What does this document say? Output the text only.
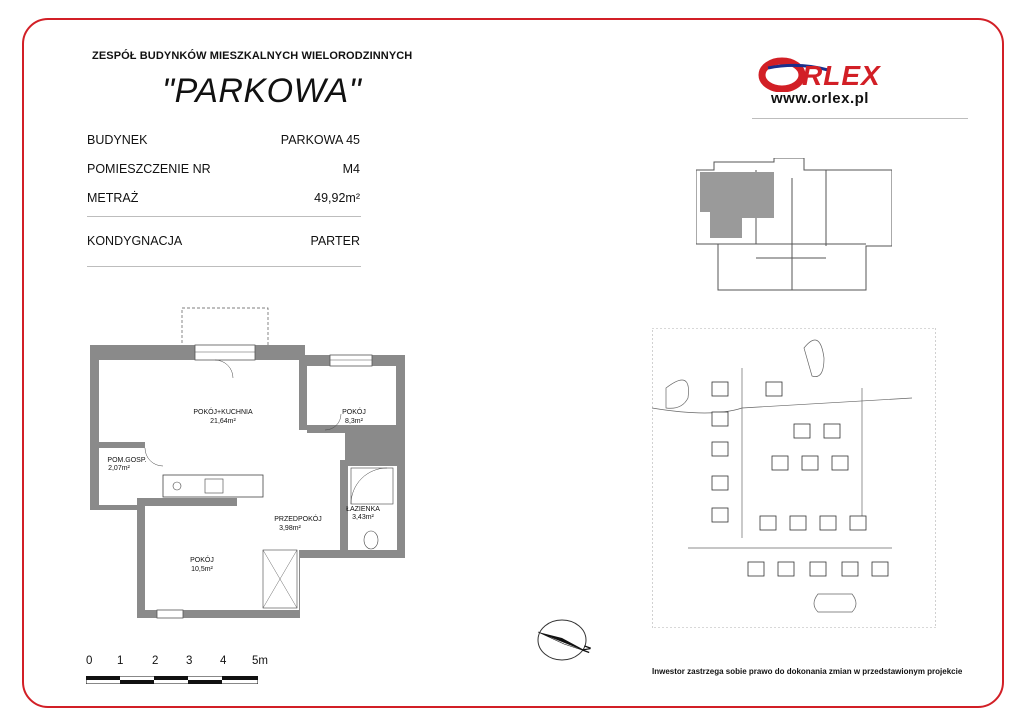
ZESPÓŁ BUDYNKÓW MIESZKALNYCH WIELORODZINNYCH
"PARKOWA"	RLEX
www.orlex.pl
BUDYNEK	PARKOWA 45
POMIESZCZENIE NR	M4
METRAŻ	49,92m²
KONDYGNACJA	PARTER
POKÓJ+KUCHNIA
21,64m²
POKÓJ
8,3m²
POM.GOSP.
2,07m²
ŁAZIENKA
3,43m²
PRZEDPOKÓJ
3,98m²
POKÓJ
10,5m²
N
0 1 2 3 4 5m
Inwestor zastrzega sobie prawo do dokonania zmian w przedstawionym projekcie
